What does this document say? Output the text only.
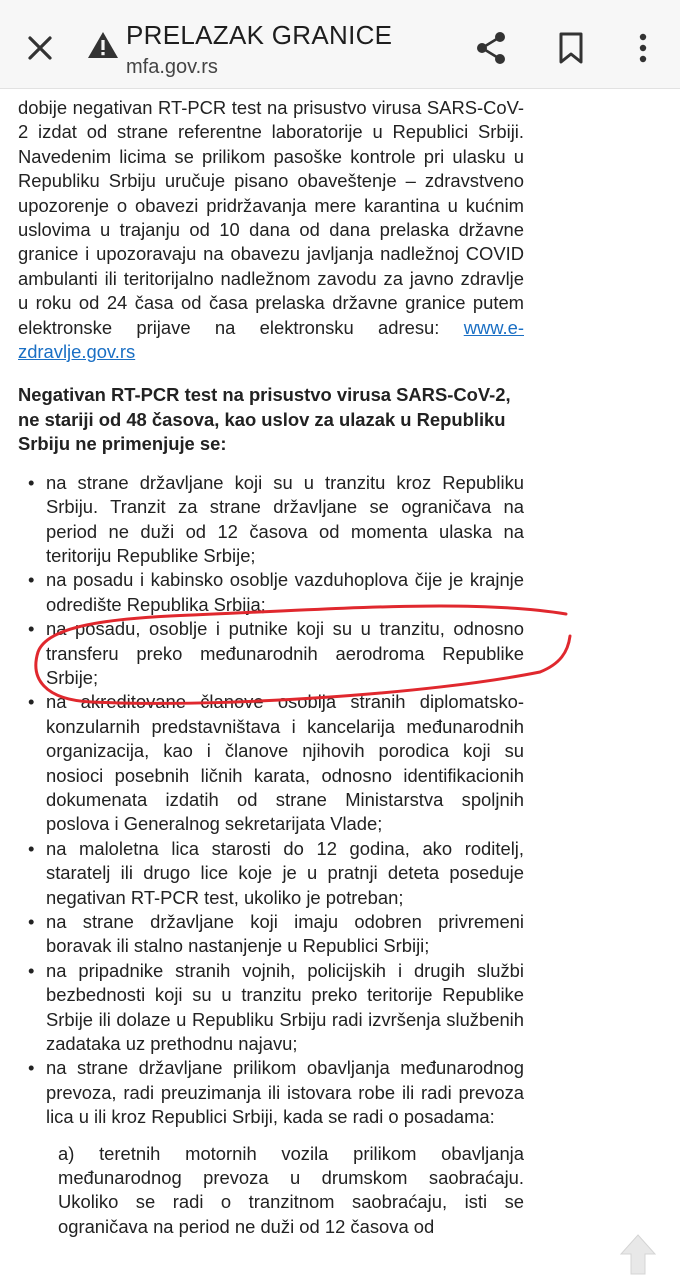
PRELAZAK GRANICE
mfa.gov.rs

dobije negativan RT-PCR test na prisustvo virusa SARS-CoV-2 izdat od strane referentne laboratorije u Republici Srbiji. Navedenim licima se prilikom pasoške kontrole pri ulasku u Republiku Srbiju uručuje pisano obaveštenje – zdravstveno upozorenje o obavezi pridržavanja mere karantina u kućnim uslovima u trajanju od 10 dana od dana prelaska državne granice i upozoravaju na obavezu javljanja nadležnoj COVID ambulanti ili teritorijalno nadležnom zavodu za javno zdravlje u roku od 24 časa od časa prelaska državne granice putem elektronske prijave na elektronsku adresu: www.e-zdravlje.gov.rs

Negativan RT-PCR test na prisustvo virusa SARS-CoV-2, ne stariji od 48 časova, kao uslov za ulazak u Republiku Srbiju ne primenjuje se:
• na strane državljane koji su u tranzitu kroz Republiku Srbiju. Tranzit za strane državljane se ograničava na period ne duži od 12 časova od momenta ulaska na teritoriju Republike Srbije;
• na posadu i kabinsko osoblje vazduhoplova čije je krajnje odredište Republika Srbija;
• na posadu, osoblje i putnike koji su u tranzitu, odnosno transferu preko međunarodnih aerodroma Republike Srbije;
• na akreditovane članove osoblja stranih diplomatsko-konzularnih predstavništava i kancelarija međunarodnih organizacija, kao i članove njihovih porodica koji su nosioci posebnih ličnih karata, odnosno identifikacionih dokumenata izdatih od strane Ministarstva spoljnih poslova i Generalnog sekretarijata Vlade;
• na maloletna lica starosti do 12 godina, ako roditelj, staratelj ili drugo lice koje je u pratnji deteta poseduje negativan RT-PCR test, ukoliko je potreban;
• na strane državljane koji imaju odobren privremeni boravak ili stalno nastanjenje u Republici Srbiji;
• na pripadnike stranih vojnih, policijskih i drugih službi bezbednosti koji su u tranzitu preko teritorije Republike Srbije ili dolaze u Republiku Srbiju radi izvršenja službenih zadataka uz prethodnu najavu;
• na strane državljane prilikom obavljanja međunarodnog prevoza, radi preuzimanja ili istovara robe ili radi prevoza lica u ili kroz Republici Srbiji, kada se radi o posadama:

a) teretnih motornih vozila prilikom obavljanja međunarodnog prevoza u drumskom saobraćaju. Ukoliko se radi o tranzitnom saobraćaju, isti se ograničava na period ne duži od 12 časova od
